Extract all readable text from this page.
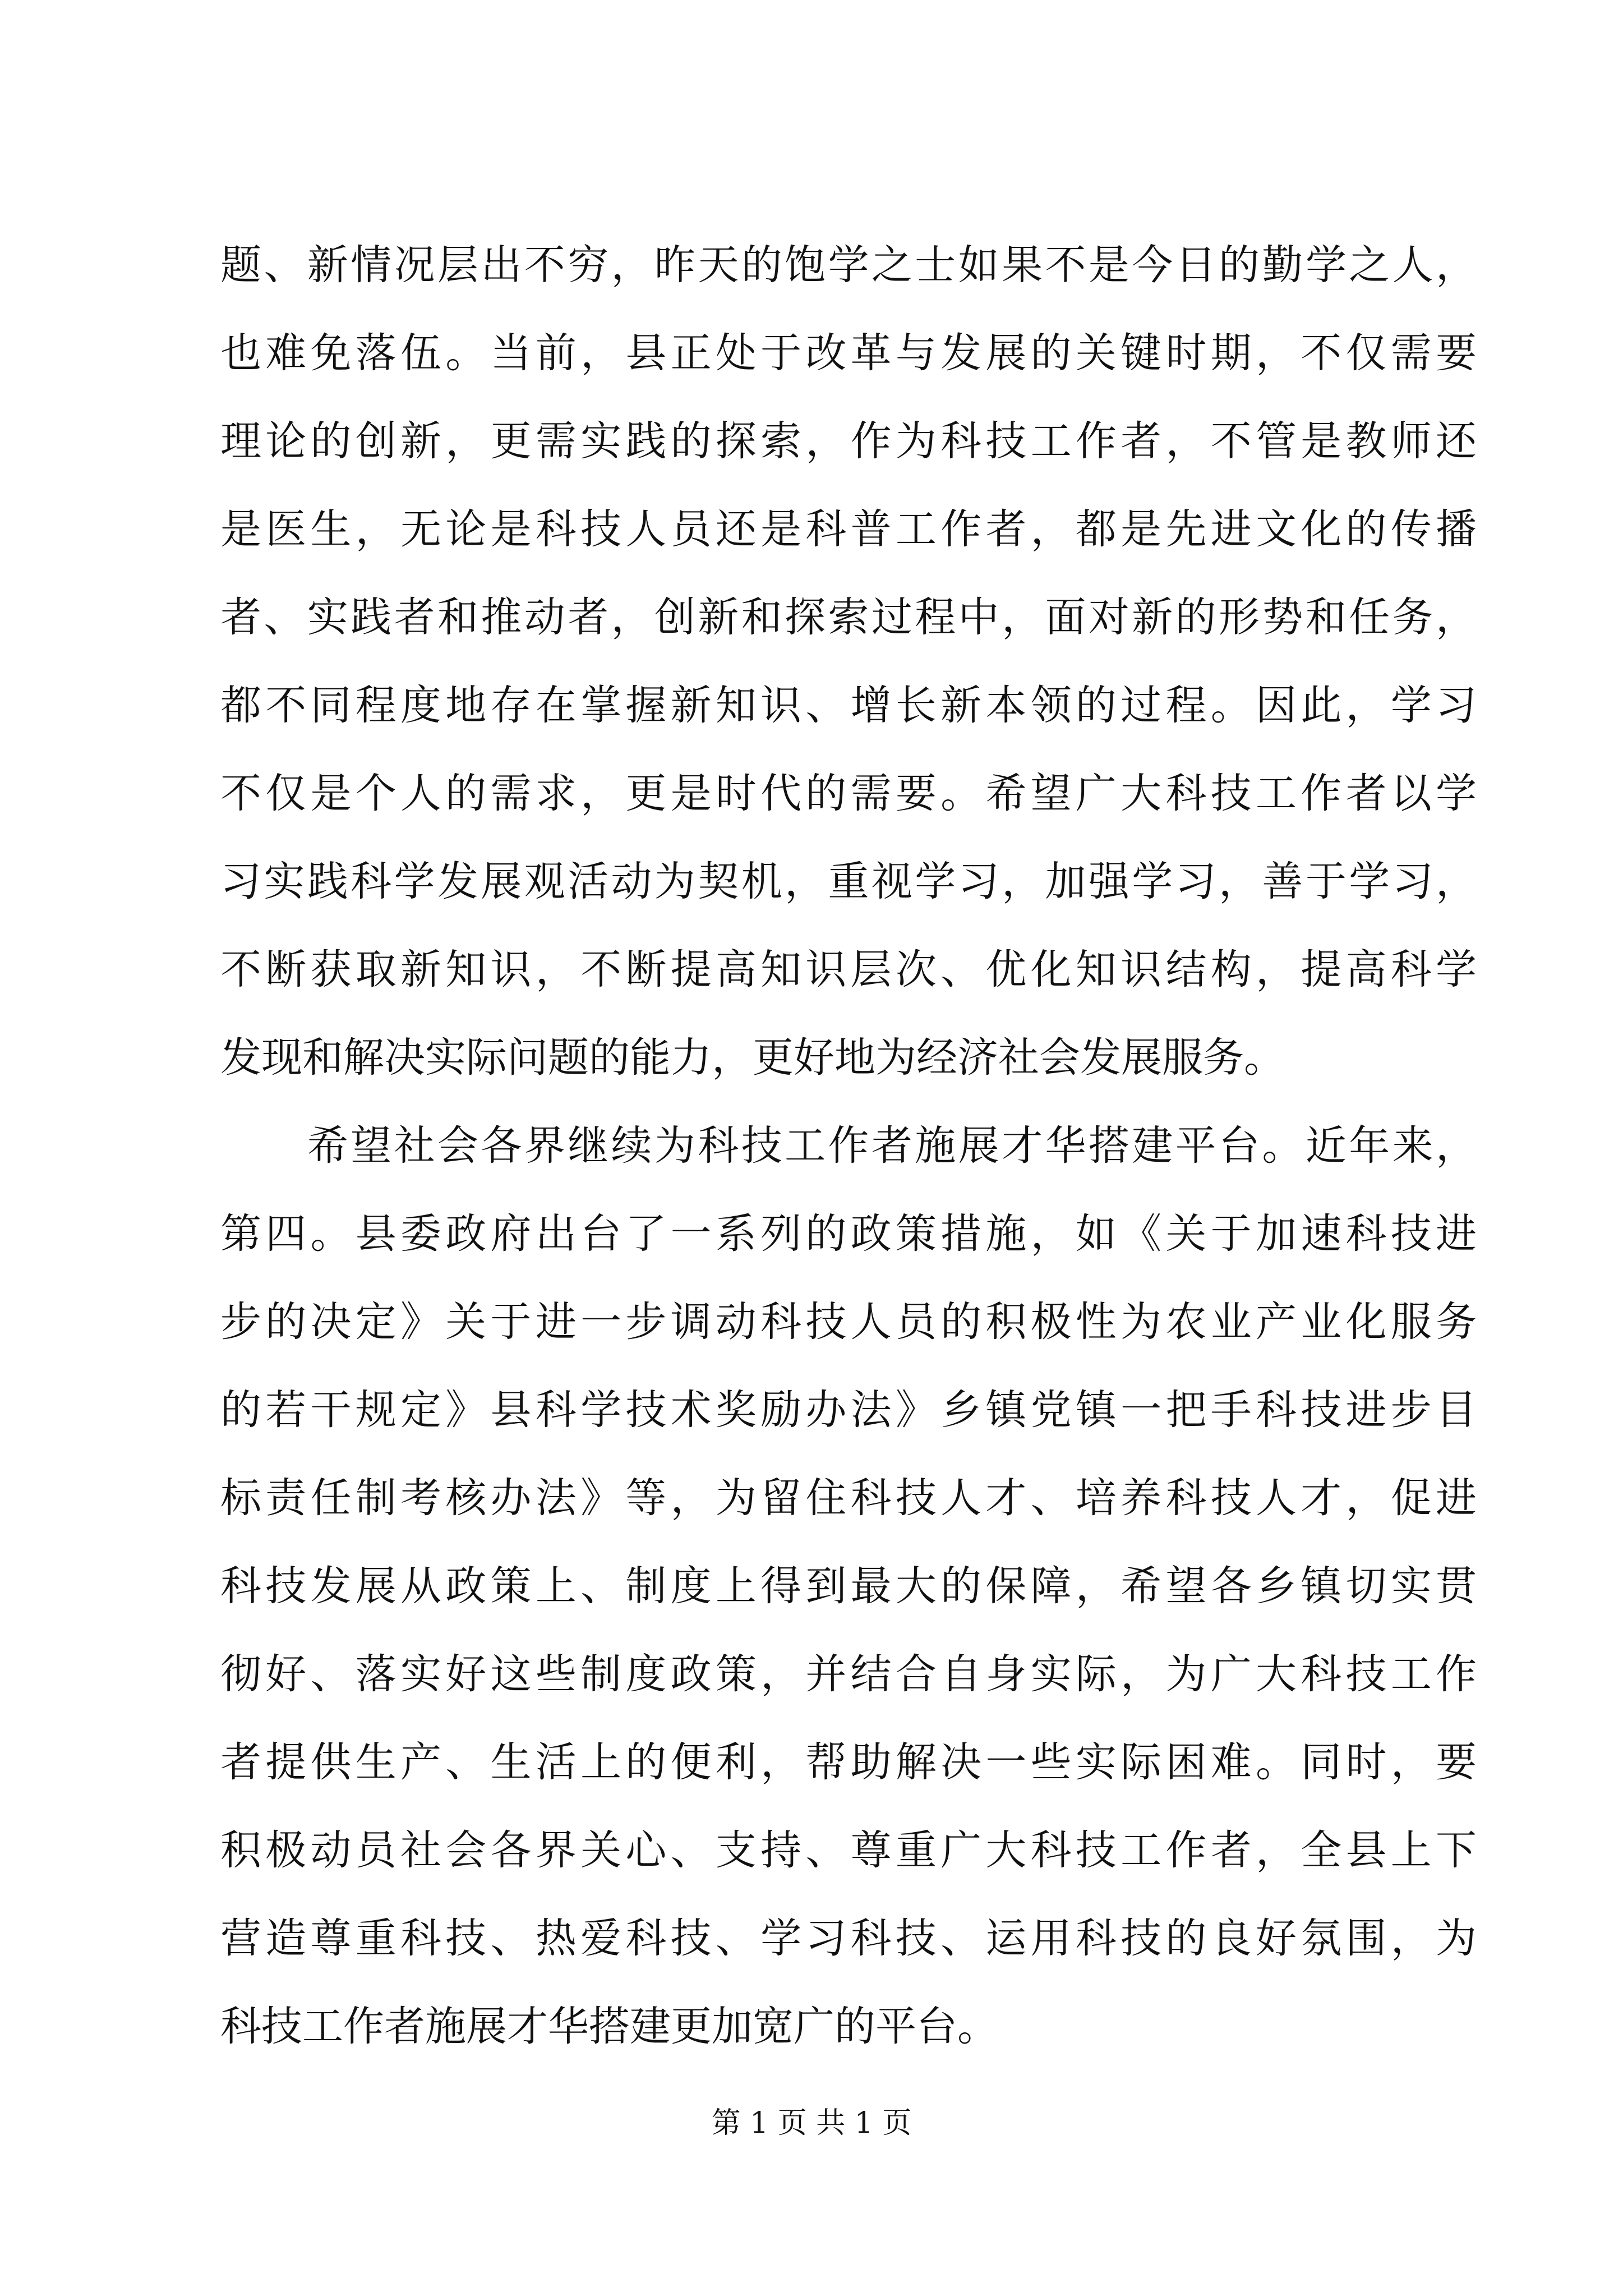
题、新情况层出不穷，昨天的饱学之士如果不是今日的勤学之人，
也难免落伍。当前，县正处于改革与发展的关键时期，不仅需要
理论的创新，更需实践的探索，作为科技工作者，不管是教师还
是医生，无论是科技人员还是科普工作者，都是先进文化的传播
者、实践者和推动者，创新和探索过程中，面对新的形势和任务，
都不同程度地存在掌握新知识、增长新本领的过程。因此，学习
不仅是个人的需求，更是时代的需要。希望广大科技工作者以学
习实践科学发展观活动为契机，重视学习，加强学习，善于学习，
不断获取新知识，不断提高知识层次、优化知识结构，提高科学
发现和解决实际问题的能力，更好地为经济社会发展服务。
　　希望社会各界继续为科技工作者施展才华搭建平台。近年来，
第四。县委政府出台了一系列的政策措施，如《关于加速科技进
步的决定》关于进一步调动科技人员的积极性为农业产业化服务
的若干规定》县科学技术奖励办法》乡镇党镇一把手科技进步目
标责任制考核办法》等，为留住科技人才、培养科技人才，促进
科技发展从政策上、制度上得到最大的保障，希望各乡镇切实贯
彻好、落实好这些制度政策，并结合自身实际，为广大科技工作
者提供生产、生活上的便利，帮助解决一些实际困难。同时，要
积极动员社会各界关心、支持、尊重广大科技工作者，全县上下
营造尊重科技、热爱科技、学习科技、运用科技的良好氛围，为
科技工作者施展才华搭建更加宽广的平台。
第 1 页 共 1 页
